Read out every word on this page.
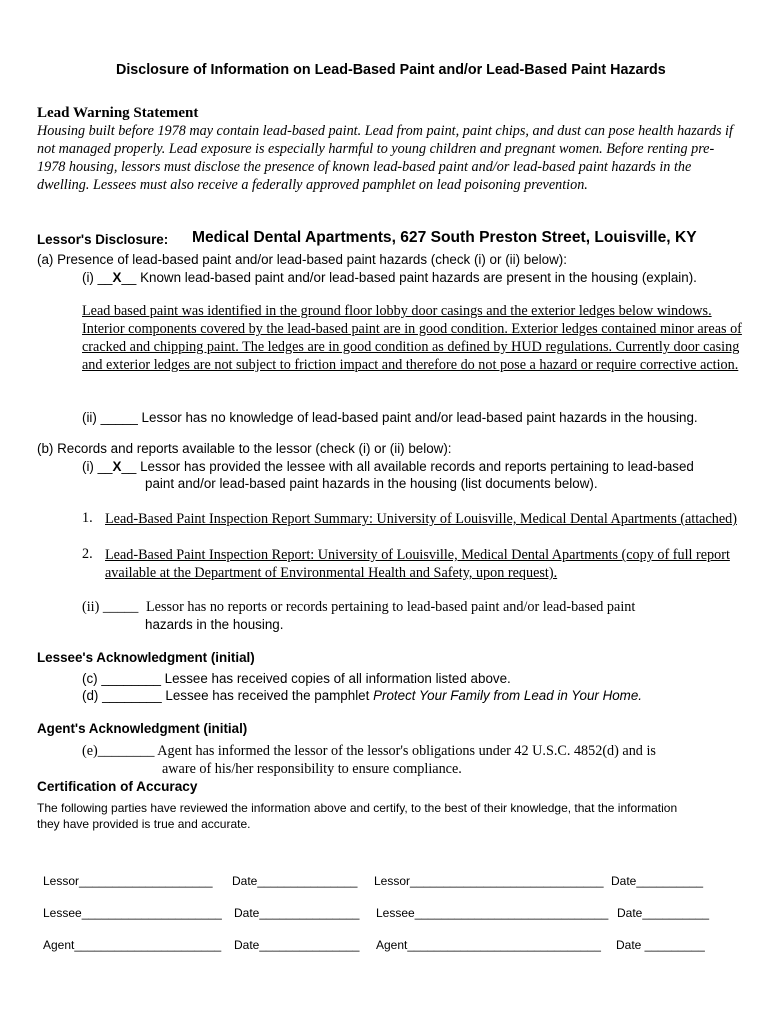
Disclosure of Information on Lead-Based Paint and/or Lead-Based Paint Hazards
Lead Warning Statement
Housing built before 1978 may contain lead-based paint. Lead from paint, paint chips, and dust can pose health hazards if not managed properly. Lead exposure is especially harmful to young children and pregnant women. Before renting pre-1978 housing, lessors must disclose the presence of known lead-based paint and/or lead-based paint hazards in the dwelling. Lessees must also receive a federally approved pamphlet on lead poisoning prevention.
Lessor's Disclosure: Medical Dental Apartments, 627 South Preston Street, Louisville, KY
(a) Presence of lead-based paint and/or lead-based paint hazards (check (i) or (ii) below):
(i) __X__ Known lead-based paint and/or lead-based paint hazards are present in the housing (explain).
Lead based paint was identified in the ground floor lobby door casings and the exterior ledges below windows. Interior components covered by the lead-based paint are in good condition. Exterior ledges contained minor areas of cracked and chipping paint. The ledges are in good condition as defined by HUD regulations. Currently door casing and exterior ledges are not subject to friction impact and therefore do not pose a hazard or require corrective action.
(ii) _____ Lessor has no knowledge of lead-based paint and/or lead-based paint hazards in the housing.
(b) Records and reports available to the lessor (check (i) or (ii) below):
(i) __X__ Lessor has provided the lessee with all available records and reports pertaining to lead-based
paint and/or lead-based paint hazards in the housing (list documents below).
1. Lead-Based Paint Inspection Report Summary: University of Louisville, Medical Dental Apartments (attached)
2. Lead-Based Paint Inspection Report: University of Louisville, Medical Dental Apartments (copy of full report available at the Department of Environmental Health and Safety, upon request).
(ii) _____ Lessor has no reports or records pertaining to lead-based paint and/or lead-based paint
hazards in the housing.
Lessee's Acknowledgment (initial)
(c) ________ Lessee has received copies of all information listed above.
(d) ________ Lessee has received the pamphlet Protect Your Family from Lead in Your Home.
Agent's Acknowledgment (initial)
(e)________ Agent has informed the lessor of the lessor's obligations under 42 U.S.C. 4852(d) and is
aware of his/her responsibility to ensure compliance.
Certification of Accuracy
The following parties have reviewed the information above and certify, to the best of their knowledge, that the information
they have provided is true and accurate.
Lessor____________________ Date_______________ Lessor_____________________________ Date__________
Lessee_____________________ Date_______________ Lessee_____________________________ Date__________
Agent______________________ Date_______________ Agent_____________________________ Date _________
